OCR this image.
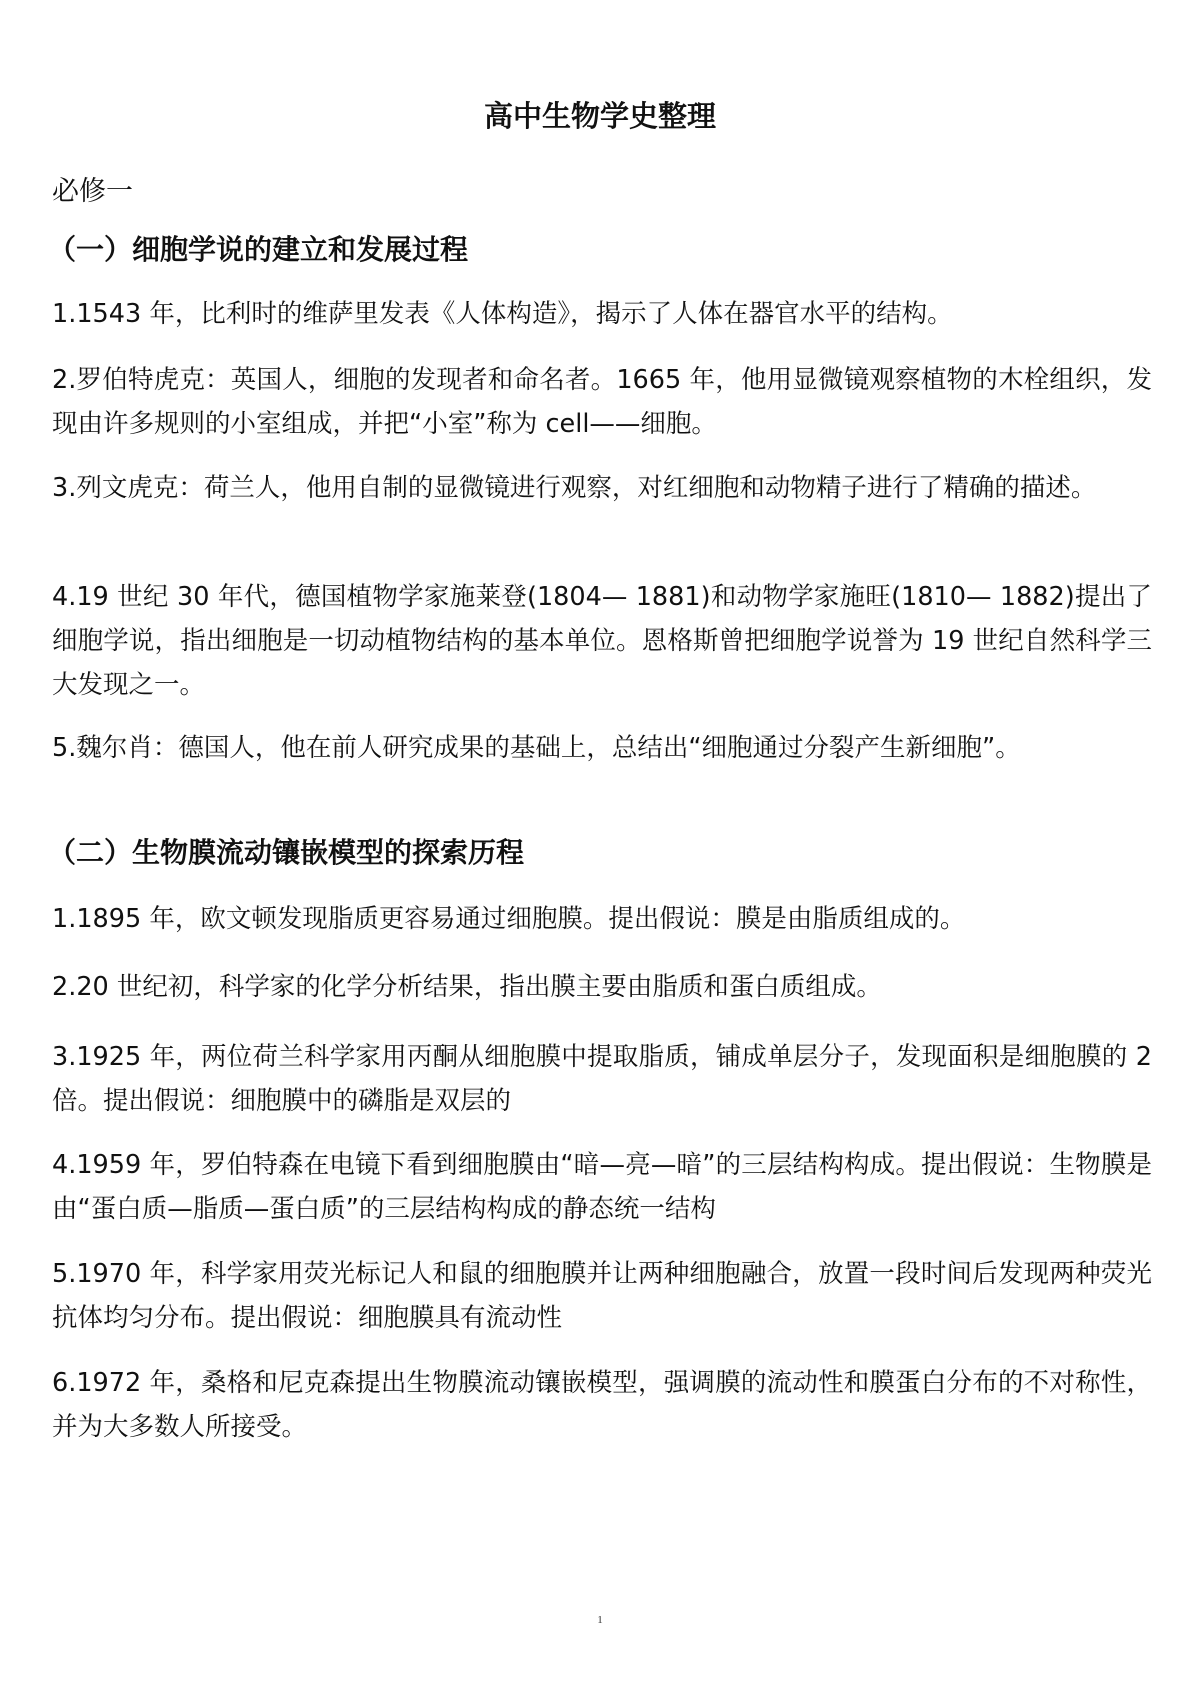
高中生物学史整理

必修一

（一）细胞学说的建立和发展过程

1.1543 年，比利时的维萨里发表《人体构造》，揭示了人体在器官水平的结构。

2.罗伯特虎克：英国人，细胞的发现者和命名者。1665 年，他用显微镜观察植物的木栓组织，发现由许多规则的小室组成，并把“小室”称为 cell——细胞。

3.列文虎克：荷兰人，他用自制的显微镜进行观察，对红细胞和动物精子进行了精确的描述。

4.19 世纪 30 年代，德国植物学家施莱登(1804— 1881)和动物学家施旺(1810— 1882)提出了细胞学说，指出细胞是一切动植物结构的基本单位。恩格斯曾把细胞学说誉为 19 世纪自然科学三大发现之一。

5.魏尔肖：德国人，他在前人研究成果的基础上，总结出“细胞通过分裂产生新细胞”。

（二）生物膜流动镶嵌模型的探索历程

1.1895 年，欧文顿发现脂质更容易通过细胞膜。提出假说：膜是由脂质组成的。

2.20 世纪初，科学家的化学分析结果，指出膜主要由脂质和蛋白质组成。

3.1925 年，两位荷兰科学家用丙酮从细胞膜中提取脂质，铺成单层分子，发现面积是细胞膜的 2 倍。提出假说：细胞膜中的磷脂是双层的

4.1959 年，罗伯特森在电镜下看到细胞膜由“暗—亮—暗”的三层结构构成。提出假说：生物膜是由“蛋白质—脂质—蛋白质”的三层结构构成的静态统一结构

5.1970 年，科学家用荧光标记人和鼠的细胞膜并让两种细胞融合，放置一段时间后发现两种荧光抗体均匀分布。提出假说：细胞膜具有流动性

6.1972 年，桑格和尼克森提出生物膜流动镶嵌模型，强调膜的流动性和膜蛋白分布的不对称性，并为大多数人所接受。

1
